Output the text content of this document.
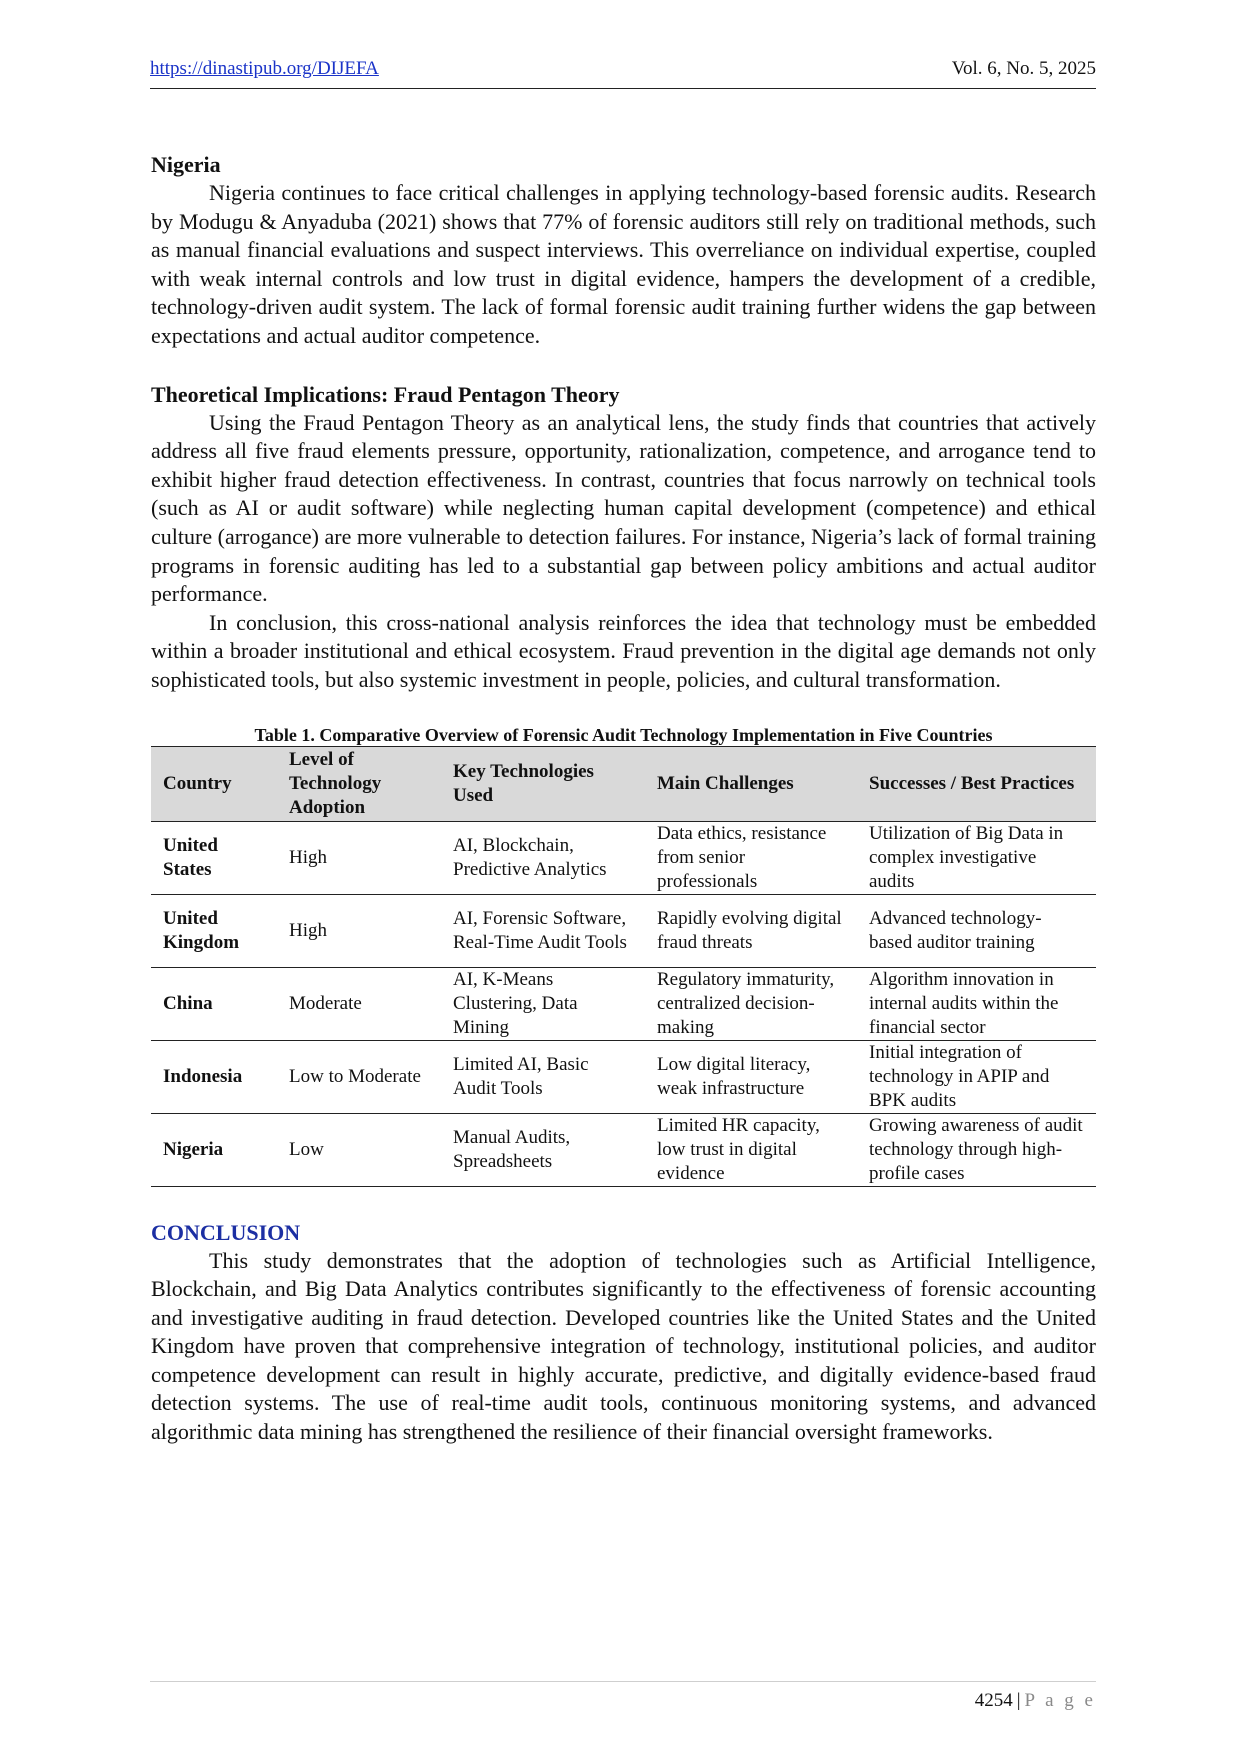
https://dinastipub.org/DIJEFA	Vol. 6, No. 5, 2025
Nigeria

Nigeria continues to face critical challenges in applying technology-based forensic audits. Research by Modugu & Anyaduba (2021) shows that 77% of forensic auditors still rely on traditional methods, such as manual financial evaluations and suspect interviews. This overreliance on individual expertise, coupled with weak internal controls and low trust in digital evidence, hampers the development of a credible, technology-driven audit system. The lack of formal forensic audit training further widens the gap between expectations and actual auditor competence.

Theoretical Implications: Fraud Pentagon Theory

Using the Fraud Pentagon Theory as an analytical lens, the study finds that countries that actively address all five fraud elements pressure, opportunity, rationalization, competence, and arrogance tend to exhibit higher fraud detection effectiveness. In contrast, countries that focus narrowly on technical tools (such as AI or audit software) while neglecting human capital development (competence) and ethical culture (arrogance) are more vulnerable to detection failures. For instance, Nigeria’s lack of formal training programs in forensic auditing has led to a substantial gap between policy ambitions and actual auditor performance.

In conclusion, this cross-national analysis reinforces the idea that technology must be embedded within a broader institutional and ethical ecosystem. Fraud prevention in the digital age demands not only sophisticated tools, but also systemic investment in people, policies, and cultural transformation.

Table 1. Comparative Overview of Forensic Audit Technology Implementation in Five Countries
Country	Level of Technology Adoption	Key Technologies Used	Main Challenges	Successes / Best Practices
United States	High	AI, Blockchain, Predictive Analytics	Data ethics, resistance from senior professionals	Utilization of Big Data in complex investigative audits
United Kingdom	High	AI, Forensic Software, Real-Time Audit Tools	Rapidly evolving digital fraud threats	Advanced technology-based auditor training
China	Moderate	AI, K-Means Clustering, Data Mining	Regulatory immaturity, centralized decision-making	Algorithm innovation in internal audits within the financial sector
Indonesia	Low to Moderate	Limited AI, Basic Audit Tools	Low digital literacy, weak infrastructure	Initial integration of technology in APIP and BPK audits
Nigeria	Low	Manual Audits, Spreadsheets	Limited HR capacity, low trust in digital evidence	Growing awareness of audit technology through high-profile cases
CONCLUSION

This study demonstrates that the adoption of technologies such as Artificial Intelligence, Blockchain, and Big Data Analytics contributes significantly to the effectiveness of forensic accounting and investigative auditing in fraud detection. Developed countries like the United States and the United Kingdom have proven that comprehensive integration of technology, institutional policies, and auditor competence development can result in highly accurate, predictive, and digitally evidence-based fraud detection systems. The use of real-time audit tools, continuous monitoring systems, and advanced algorithmic data mining has strengthened the resilience of their financial oversight frameworks.

4254 | P a g e
